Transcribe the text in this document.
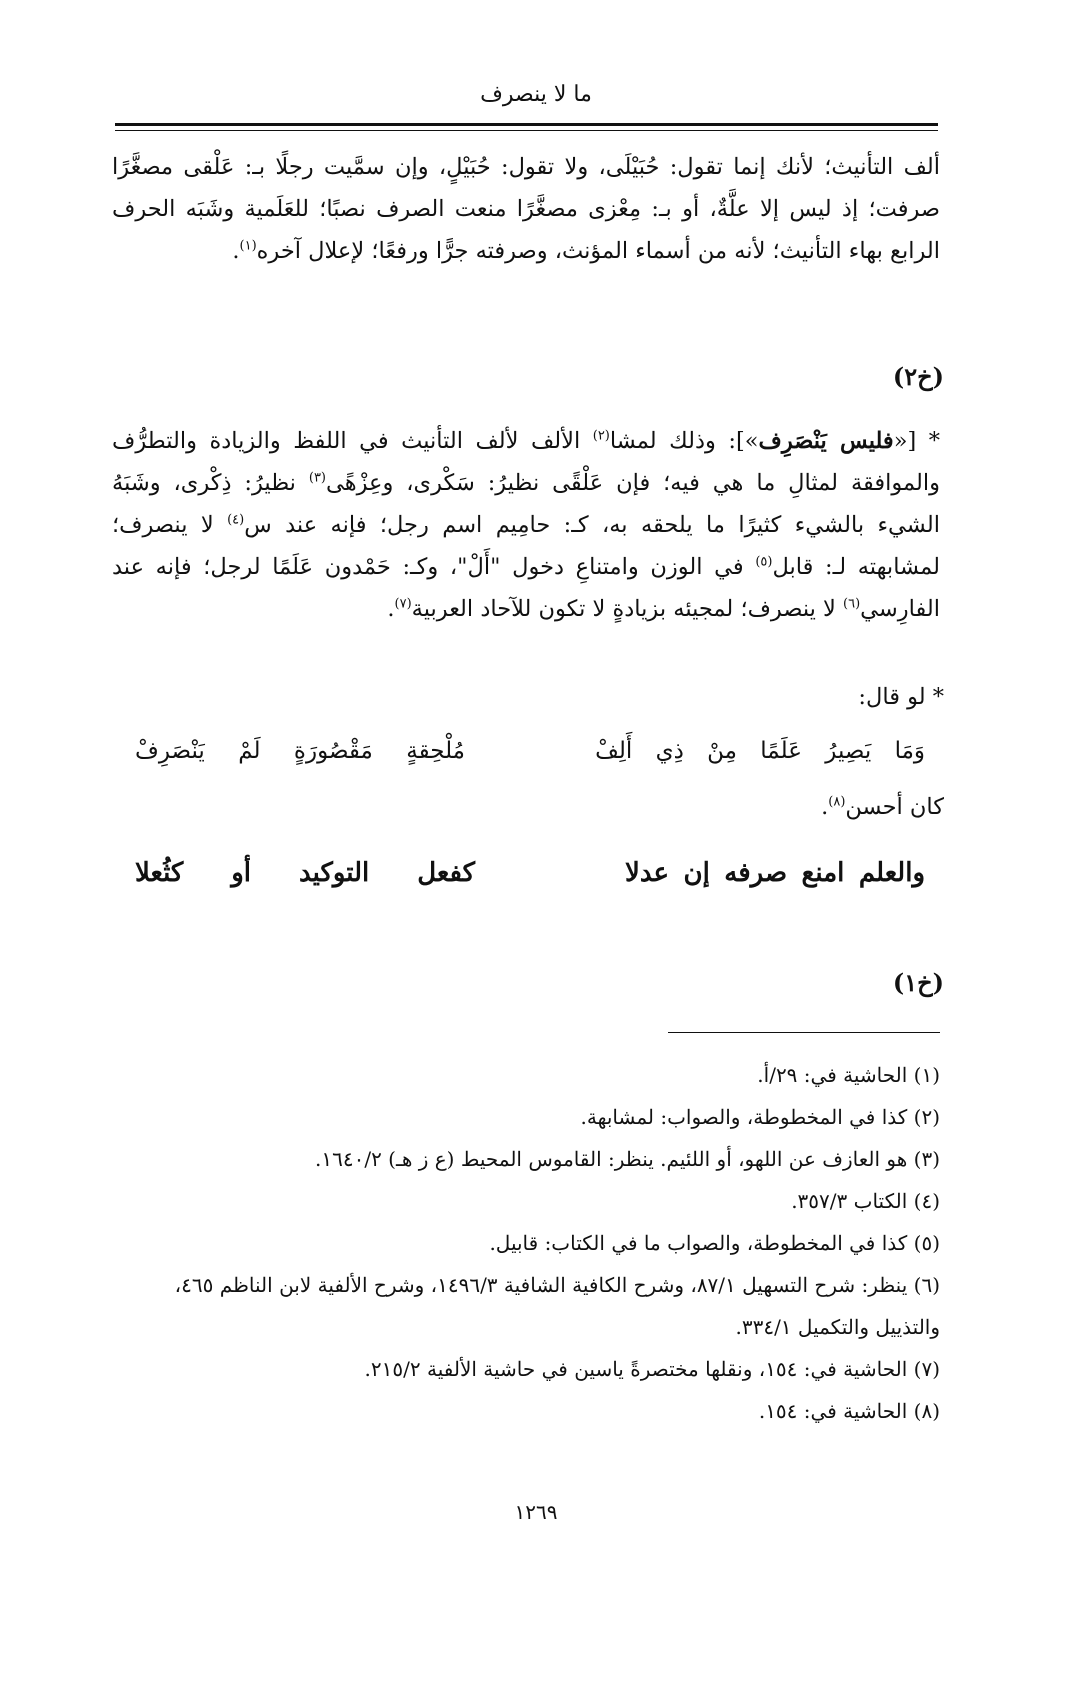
ما لا ينصرف
ألف التأنيث؛ لأنك إنما تقول: حُبَيْلَى، ولا تقول: حُبَيْلٍ، وإن سمَّيت رجلًا بـ: عَلْقى مصغَّرًا صرفت؛ إذ ليس إلا علَّةٌ، أو بـ: مِعْزى مصغَّرًا منعت الصرف نصبًا؛ للعَلَمية وشَبَه الحرف الرابع بهاء التأنيث؛ لأنه من أسماء المؤنث، وصرفته جرًّا ورفعًا؛ لإعلال آخره$^{(١)}$.
(خ٢)
* [«فليس يَنْصَرِف»]: وذلك لمشا$^{(٢)}$ الألف لألف التأنيث في اللفظ والزيادة والتطرُّف والموافقة لمثالِ ما هي فيه؛ فإن عَلْقًى نظيرُ: سَكْرى، وعِزْهًى$^{(٣)}$ نظيرُ: ذِكْرى، وشَبَهُ الشيء بالشيء كثيرًا ما يلحقه به، كـ: حامِيم اسم رجل؛ فإنه عند س$^{(٤)}$ لا ينصرف؛ لمشابهته لـ: قابل$^{(٥)}$ في الوزن وامتناعِ دخول "أَلْ"، وكـ: حَمْدون عَلَمًا لرجل؛ فإنه عند الفارِسي$^{(٦)}$ لا ينصرف؛ لمجيئه بزيادةٍ لا تكون للآحاد العربية$^{(٧)}$.
* لو قال:
وَمَا
يَصِيرُ
عَلَمًا
مِنْ
ذِي
أَلِفْ
مُلْحِقةٍ
مَقْصُورَةٍ
لَمْ
يَنْصَرِفْ
كان أحسن$^{(٨)}$.
والعلم
امنع
صرفه
إن
عدلا
كفعل
التوكيد
أو
كثُعلا
(خ١)

(١) الحاشية في: ٢٩/أ.

(٢) كذا في المخطوطة، والصواب: لمشابهة.

(٣) هو العازف عن اللهو، أو اللئيم. ينظر: القاموس المحيط (ع ز هـ) ١٦٤٠/٢.

(٤) الكتاب ٣٥٧/٣.

(٥) كذا في المخطوطة، والصواب ما في الكتاب: قابيل.

(٦) ينظر: شرح التسهيل ٨٧/١، وشرح الكافية الشافية ١٤٩٦/٣، وشرح الألفية لابن الناظم ٤٦٥، والتذييل والتكميل ٣٣٤/١.

(٧) الحاشية في: ١٥٤، ونقلها مختصرةً ياسين في حاشية الألفية ٢١٥/٢.

(٨) الحاشية في: ١٥٤.

١٢٦٩
